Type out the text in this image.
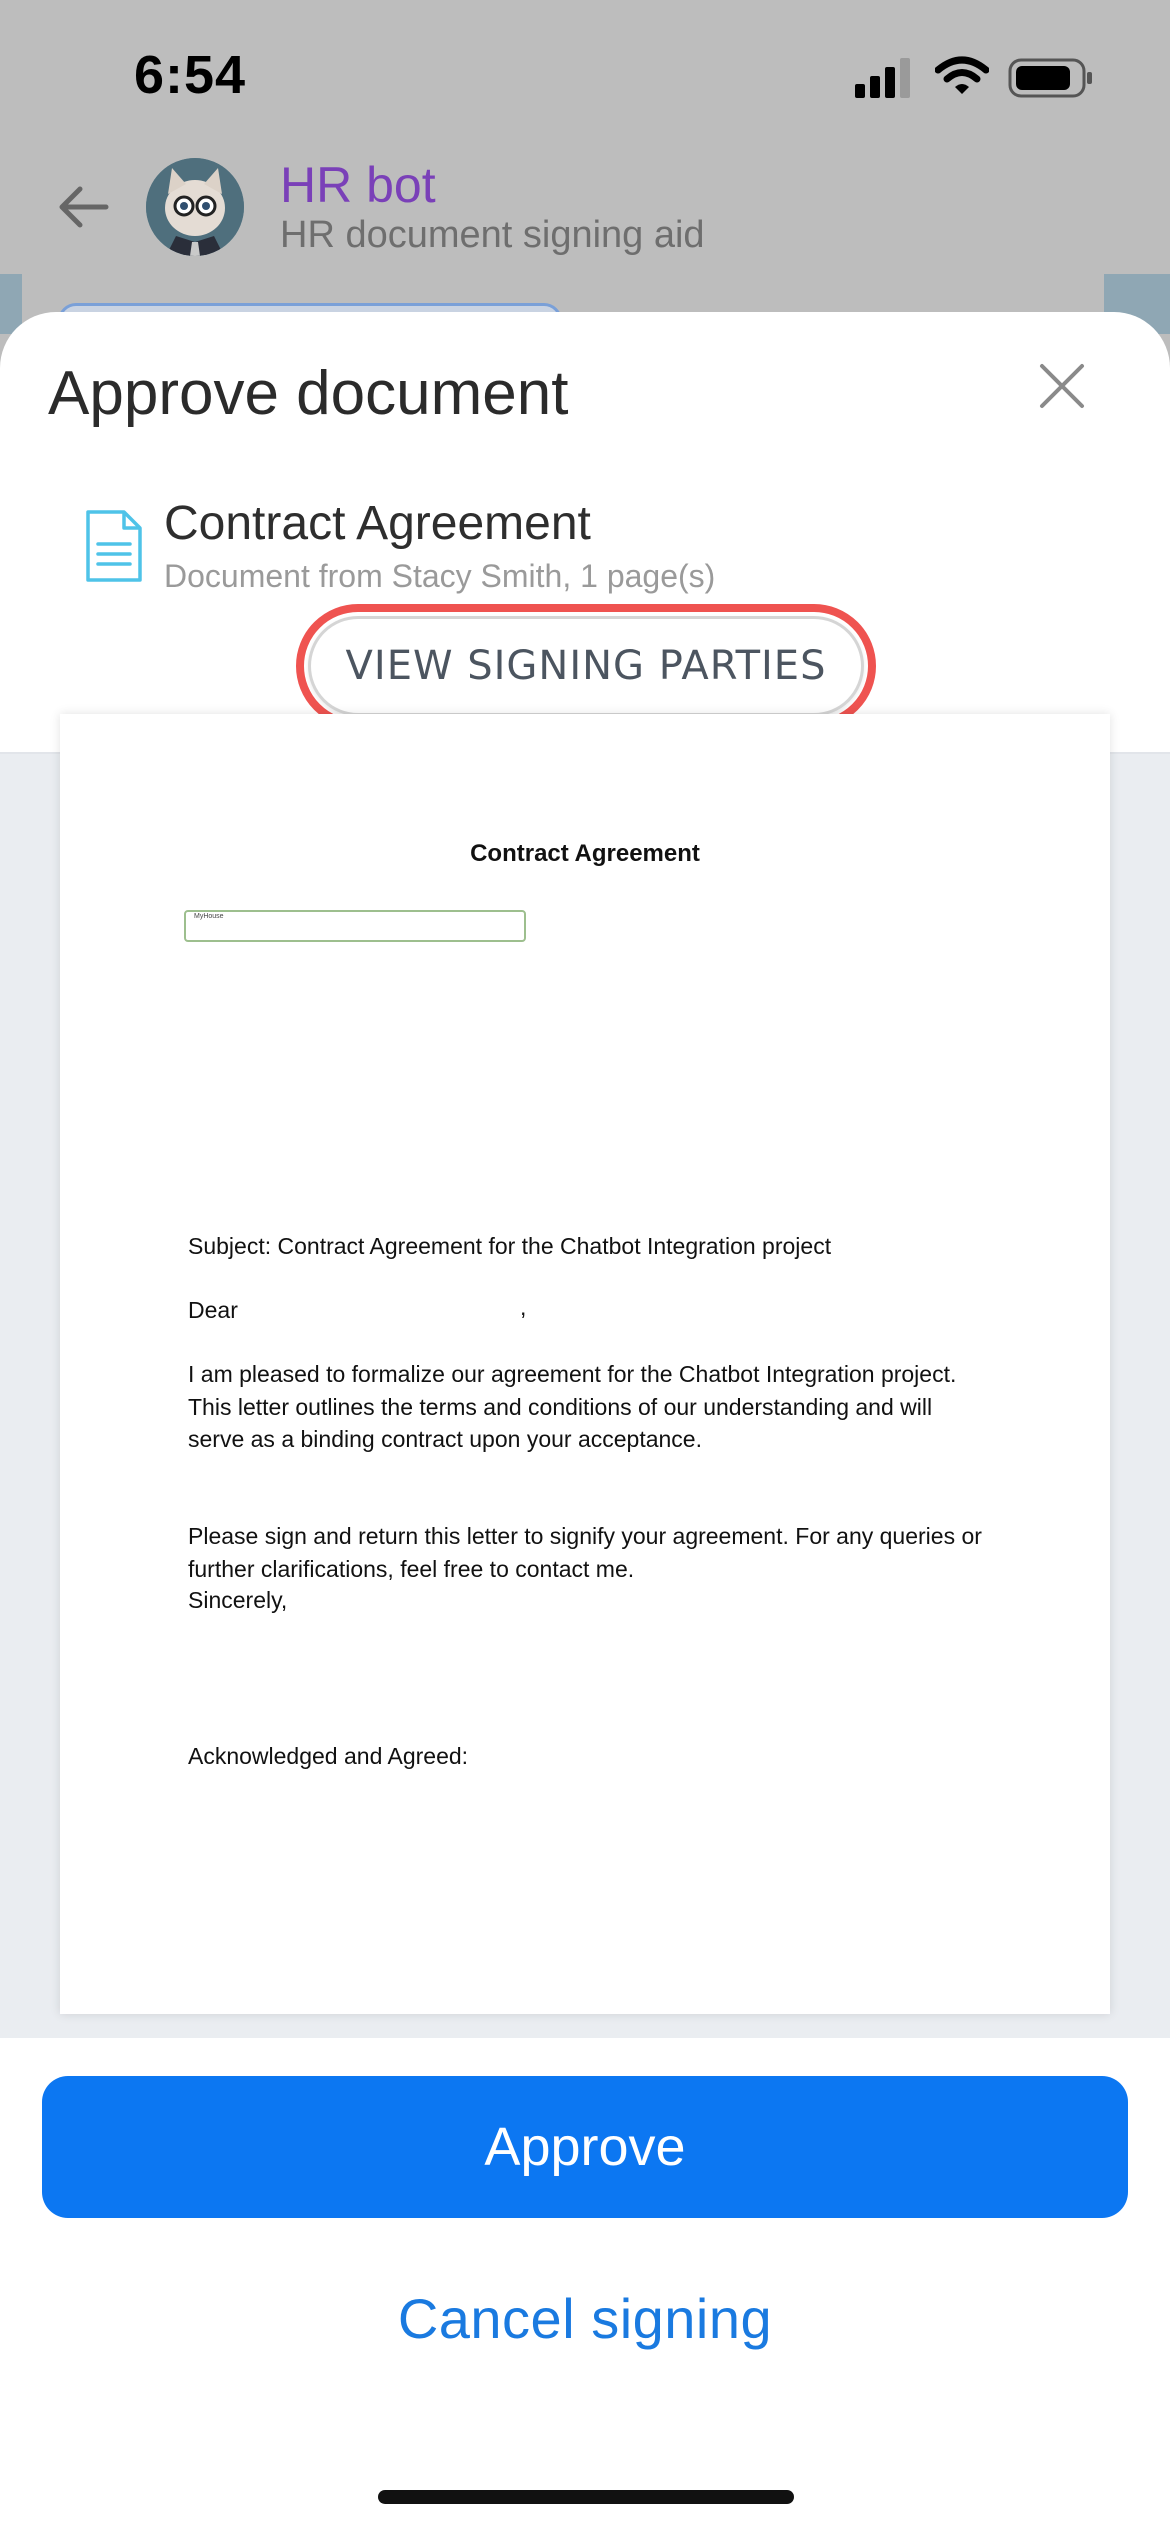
6:54
HR bot
HR document signing aid
Approve document
Contract Agreement
Document from Stacy Smith, 1 page(s)
VIEW SIGNING PARTIES
Contract Agreement
MyHouse
Subject: Contract Agreement for the Chatbot Integration project
Dear	,
I am pleased to formalize our agreement for the Chatbot Integration project. This letter outlines the terms and conditions of our understanding and will serve as a binding contract upon your acceptance.
Please sign and return this letter to signify your agreement. For any queries or further clarifications, feel free to contact me.
Sincerely,
Acknowledged and Agreed:
Approve
Cancel signing
